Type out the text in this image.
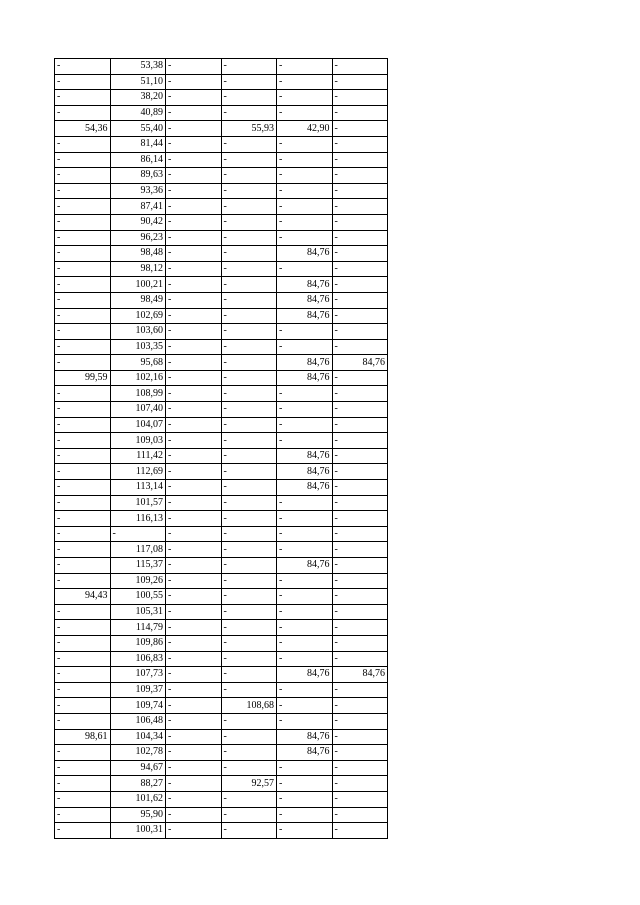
-	53,38	-	-	-	-
-	51,10	-	-	-	-
-	38,20	-	-	-	-
-	40,89	-	-	-	-
54,36	55,40	-	55,93	42,90	-
-	81,44	-	-	-	-
-	86,14	-	-	-	-
-	89,63	-	-	-	-
-	93,36	-	-	-	-
-	87,41	-	-	-	-
-	90,42	-	-	-	-
-	96,23	-	-	-	-
-	98,48	-	-	84,76	-
-	98,12	-	-	-	-
-	100,21	-	-	84,76	-
-	98,49	-	-	84,76	-
-	102,69	-	-	84,76	-
-	103,60	-	-	-	-
-	103,35	-	-	-	-
-	95,68	-	-	84,76	84,76
99,59	102,16	-	-	84,76	-
-	108,99	-	-	-	-
-	107,40	-	-	-	-
-	104,07	-	-	-	-
-	109,03	-	-	-	-
-	111,42	-	-	84,76	-
-	112,69	-	-	84,76	-
-	113,14	-	-	84,76	-
-	101,57	-	-	-	-
-	116,13	-	-	-	-
-	-	-	-	-	-
-	117,08	-	-	-	-
-	115,37	-	-	84,76	-
-	109,26	-	-	-	-
94,43	100,55	-	-	-	-
-	105,31	-	-	-	-
-	114,79	-	-	-	-
-	109,86	-	-	-	-
-	106,83	-	-	-	-
-	107,73	-	-	84,76	84,76
-	109,37	-	-	-	-
-	109,74	-	108,68	-	-
-	106,48	-	-	-	-
98,61	104,34	-	-	84,76	-
-	102,78	-	-	84,76	-
-	94,67	-	-	-	-
-	88,27	-	92,57	-	-
-	101,62	-	-	-	-
-	95,90	-	-	-	-
-	100,31	-	-	-	-
